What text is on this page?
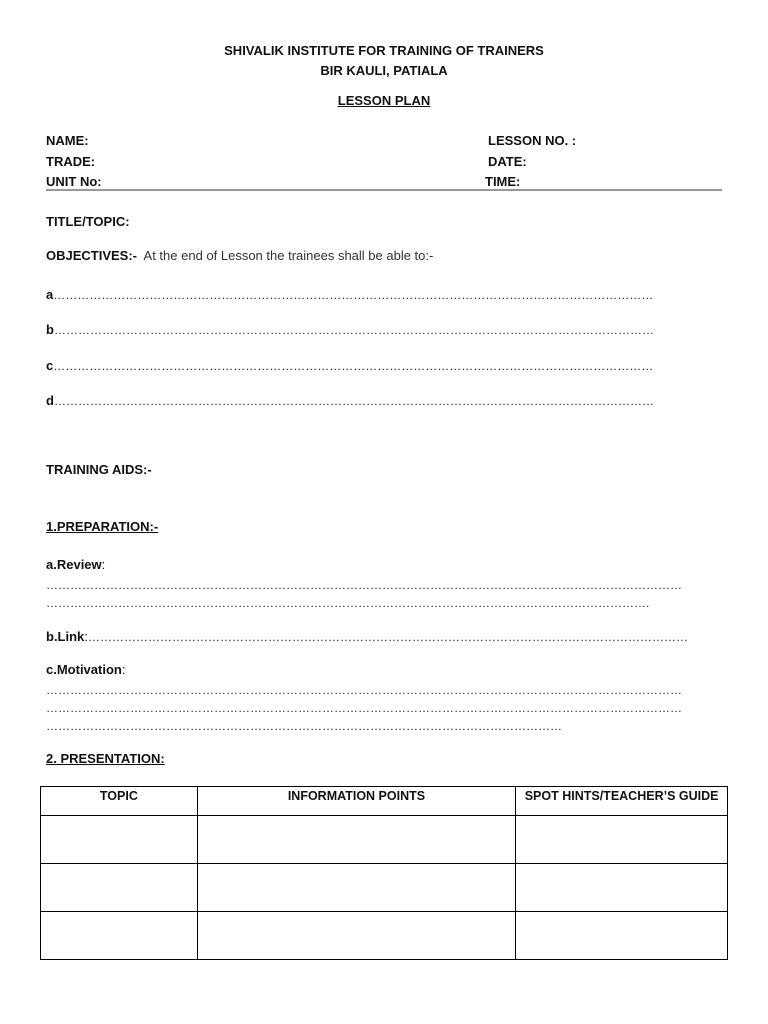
SHIVALIK INSTITUTE FOR TRAINING OF TRAINERS
BIR KAULI, PATIALA
LESSON PLAN
NAME:	LESSON NO. :
TRADE:	DATE:
UNIT No:	TIME:
TITLE/TOPIC:
OBJECTIVES:- At the end of Lesson the trainees shall be able to:-
a……………………………………………………………………………………………………………………………………
b……………………………………………………………………………………………………………………………………
c……………………………………………………………………………………………………………………………………
d……………………………………………………………………………………………………………………………………
TRAINING AIDS:-
1.PREPARATION:-
a.Review:
……………………………………………………………………………………………………………………………………………
…………………………………………………………………………………………………………………………………….
b.Link:……………………………………………………………………………………………………………………………………
c.Motivation:
……………………………………………………………………………………………………………………………………………
……………………………………………………………………………………………………………………………………………
…………………………………………………………………………………………………………………
2. PRESENTATION:
TOPIC	INFORMATION POINTS	SPOT HINTS/TEACHER’S GUIDE
